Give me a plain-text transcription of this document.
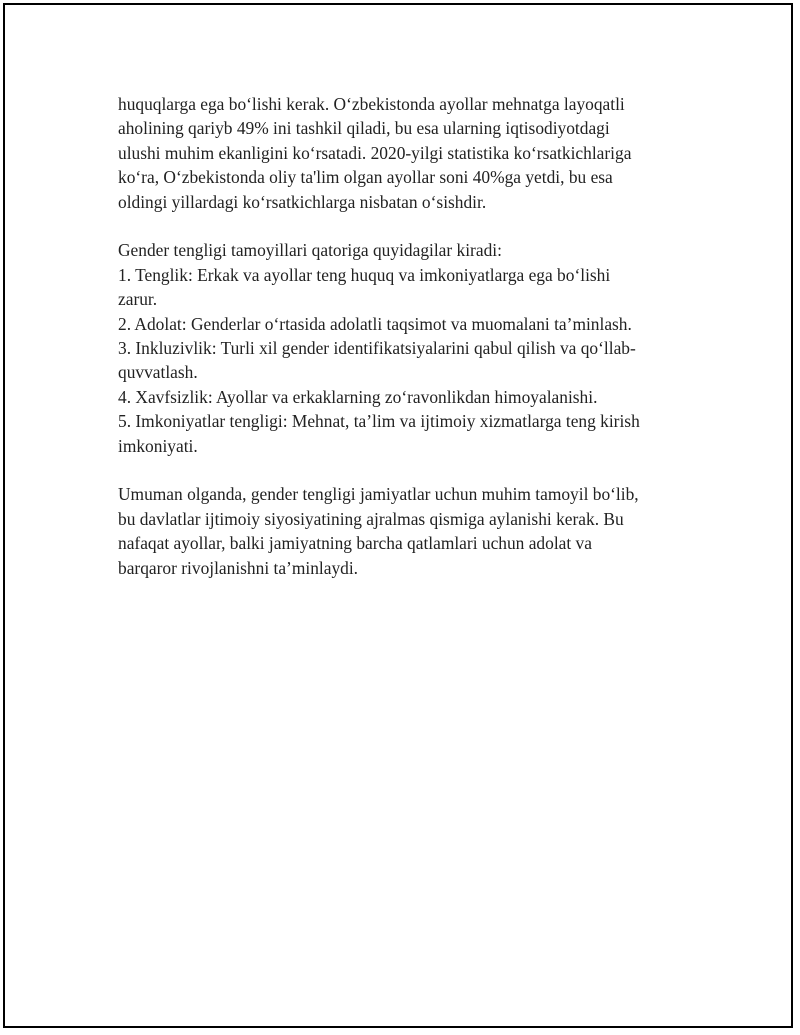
huquqlarga ega bo‘lishi kerak. O‘zbekistonda ayollar mehnatga layoqatli
aholining qariyb 49% ini tashkil qiladi, bu esa ularning iqtisodiyotdagi
ulushi muhim ekanligini ko‘rsatadi. 2020-yilgi statistika ko‘rsatkichlariga
ko‘ra, O‘zbekistonda oliy ta'lim olgan ayollar soni 40%ga yetdi, bu esa
oldingi yillardagi ko‘rsatkichlarga nisbatan o‘sishdir.
Gender tengligi tamoyillari qatoriga quyidagilar kiradi:
1. Tenglik: Erkak va ayollar teng huquq va imkoniyatlarga ega bo‘lishi
zarur.
2. Adolat: Genderlar o‘rtasida adolatli taqsimot va muomalani ta’minlash.
3. Inkluzivlik: Turli xil gender identifikatsiyalarini qabul qilish va qo‘llab-
quvvatlash.
4. Xavfsizlik: Ayollar va erkaklarning zo‘ravonlikdan himoyalanishi.
5. Imkoniyatlar tengligi: Mehnat, ta’lim va ijtimoiy xizmatlarga teng kirish
imkoniyati.
Umuman olganda, gender tengligi jamiyatlar uchun muhim tamoyil bo‘lib,
bu davlatlar ijtimoiy siyosiyatining ajralmas qismiga aylanishi kerak. Bu
nafaqat ayollar, balki jamiyatning barcha qatlamlari uchun adolat va
barqaror rivojlanishni ta’minlaydi.
